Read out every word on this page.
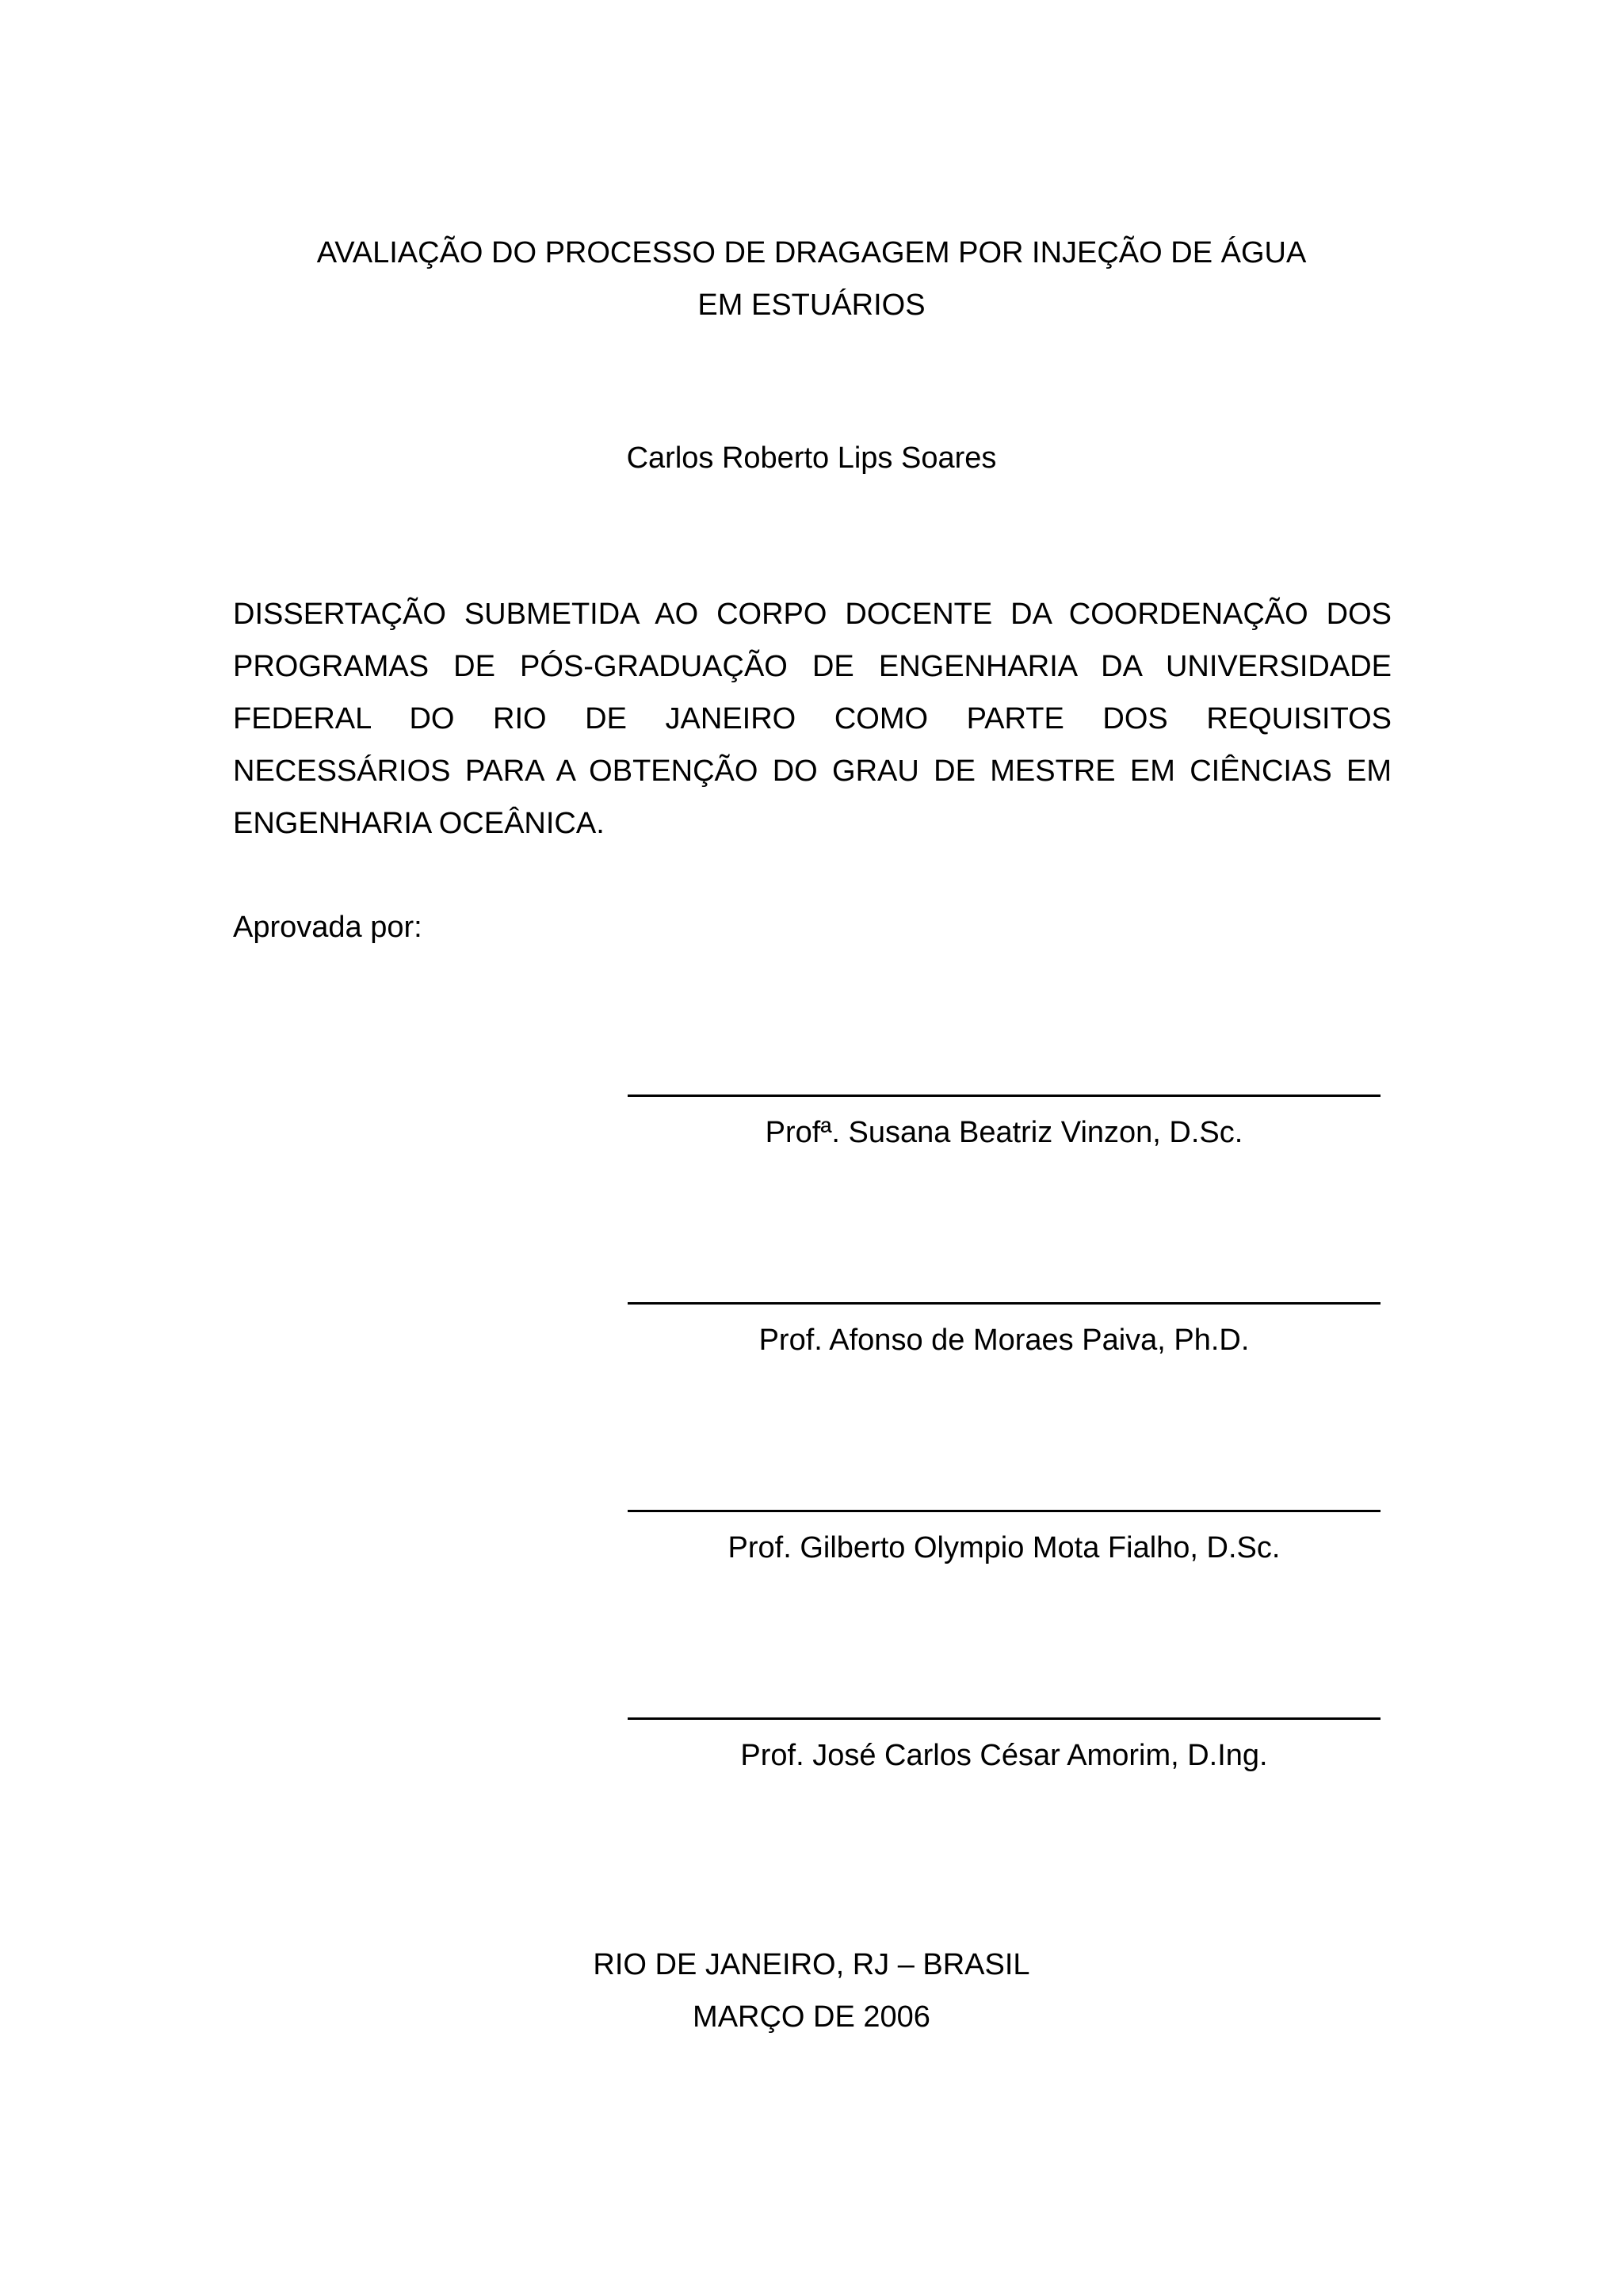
AVALIAÇÃO DO PROCESSO DE DRAGAGEM POR INJEÇÃO DE ÁGUA
EM ESTUÁRIOS
Carlos Roberto Lips Soares
DISSERTAÇÃO SUBMETIDA AO CORPO DOCENTE DA COORDENAÇÃO DOS
PROGRAMAS DE PÓS-GRADUAÇÃO DE ENGENHARIA DA UNIVERSIDADE
FEDERAL DO RIO DE JANEIRO COMO PARTE DOS REQUISITOS
NECESSÁRIOS PARA A OBTENÇÃO DO GRAU DE MESTRE EM CIÊNCIAS EM
ENGENHARIA OCEÂNICA.
Aprovada por:
Profª. Susana Beatriz Vinzon, D.Sc.
Prof. Afonso de Moraes Paiva, Ph.D.
Prof. Gilberto Olympio Mota Fialho, D.Sc.
Prof. José Carlos César Amorim, D.Ing.
RIO DE JANEIRO, RJ – BRASIL
MARÇO DE 2006
